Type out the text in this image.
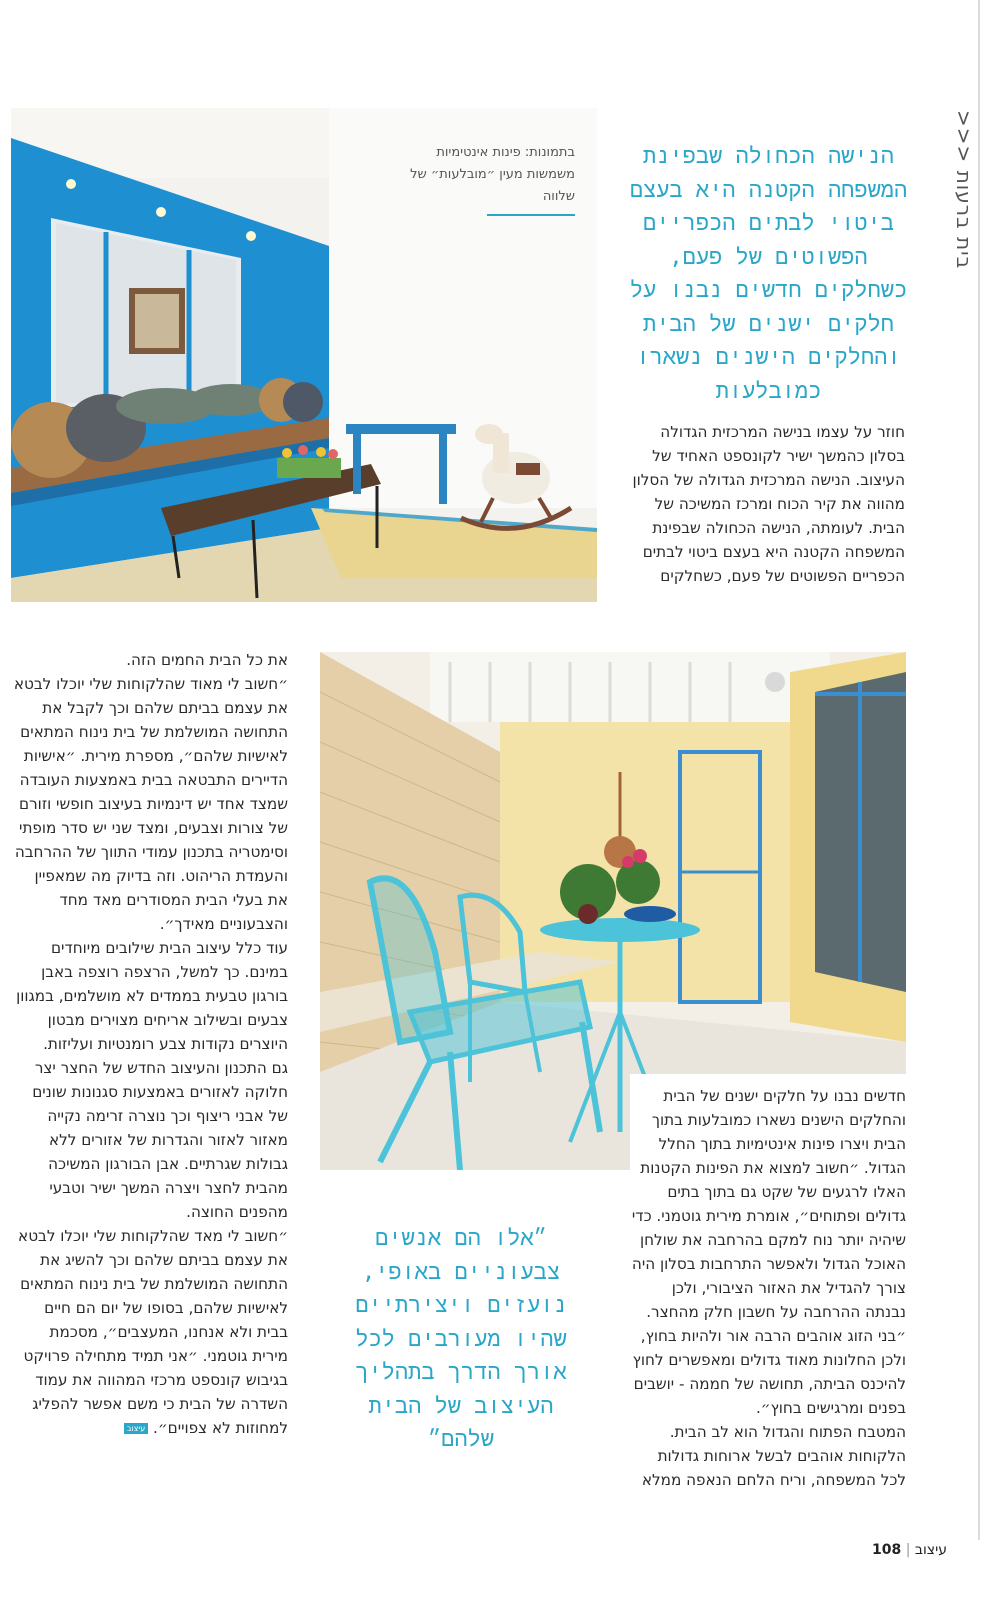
>>> בית ברעות
בתמונות: פינות אינטימיות משמשות מעין ״מובלעות״ של שלווה
הנישה הכחולה שבפינת המשפחה הקטנה היא בעצם ביטוי לבתים הכפריים הפשוטים של פעם, כשחלקים חדשים נבנו על חלקים ישנים של הבית והחלקים הישנים נשארו כמובלעות
חוזר על עצמו בנישה המרכזית הגדולה בסלון כהמשך ישיר לקונספט האחיד של העיצוב. הנישה המרכזית הגדולה של הסלון מהווה את קיר הכוח ומרכז המשיכה של הבית. לעומתה, הנישה הכחולה שבפינת המשפחה הקטנה היא בעצם ביטוי לבתים הכפריים הפשוטים של פעם, כשחלקים

את כל הבית החמים הזה.

״חשוב לי מאוד שהלקוחות שלי יוכלו לבטא את עצמם בביתם שלהם וכך לקבל את התחושה המושלמת של בית נינוח המתאים לאישיות שלהם״, מספרת מירית. ״אישיות הדיירים התבטאה בבית באמצעות העובדה שמצד אחד יש דינמיות בעיצוב חופשי וזורם של צורות וצבעים, ומצד שני יש סדר מופתי וסימטריה בתכנון עמודי התווך של ההרחבה והעמדת הריהוט. וזה בדיוק מה שמאפיין את בעלי הבית המסודרים מאד מחד והצבעוניים מאידך״.

עוד כלל עיצוב הבית שילובים מיוחדים במינם. כך למשל, הרצפה רוצפה באבן בורגון טבעית בממדים לא מושלמים, במגוון צבעים ובשילוב אריחים מצוירים מבטון היוצרים נקודות צבע רומנטיות ועליזות.

גם התכנון והעיצוב החדש של החצר יצר חלוקה לאזורים באמצעות סגנונות שונים של אבני ריצוף וכך נוצרה זרימה נקייה מאזור לאזור והגדרות של אזורים ללא גבולות שגרתיים. אבן הבורגון המשיכה מהבית לחצר ויצרה המשך ישיר וטבעי מהפנים החוצה.

״חשוב לי מאד שהלקוחות שלי יוכלו לבטא את עצמם בביתם שלהם וכך להשיג את התחושה המושלמת של בית נינוח המתאים לאישיות שלהם, בסופו של יום הם חיים בבית ולא אנחנו, המעצבים״, מסכמת מירית גוטמני. ״אני תמיד מתחילה פרויקט בגיבוש קונספט מרכזי המהווה את עמוד השדרה של הבית כי משם אפשר להפליג למחוזות לא צפויים״. עיצוב

״אלו הם אנשים צבעוניים באופי, נועזים ויצירתיים שהיו מעורבים לכל אורך הדרך בתהליך העיצוב של הבית שלהם״

חדשים נבנו על חלקים ישנים של הבית והחלקים הישנים נשארו כמובלעות בתוך הבית ויצרו פינות אינטימיות בתוך החלל הגדול. ״חשוב למצוא את הפינות הקטנות האלו לרגעים של שקט גם בתוך בתים גדולים ופתוחים״, אומרת מירית גוטמני. כדי שיהיה יותר נוח למקם בהרחבה את שולחן האוכל הגדול ולאפשר התרחבות בסלון היה צורך להגדיל את האזור הציבורי, ולכן נבנתה ההרחבה על חשבון חלק מהחצר. ״בני הזוג אוהבים הרבה אור ולהיות בחוץ, ולכן החלונות מאוד גדולים ומאפשרים לחוץ להיכנס הביתה, תחושה של חממה - יושבים בפנים ומרגישים בחוץ״.

המטבח הפתוח והגדול הוא לב הבית. הלקוחות אוהבים לבשל ארוחות גדולות לכל המשפחה, וריח הלחם הנאפה ממלא

108 | עיצוב
